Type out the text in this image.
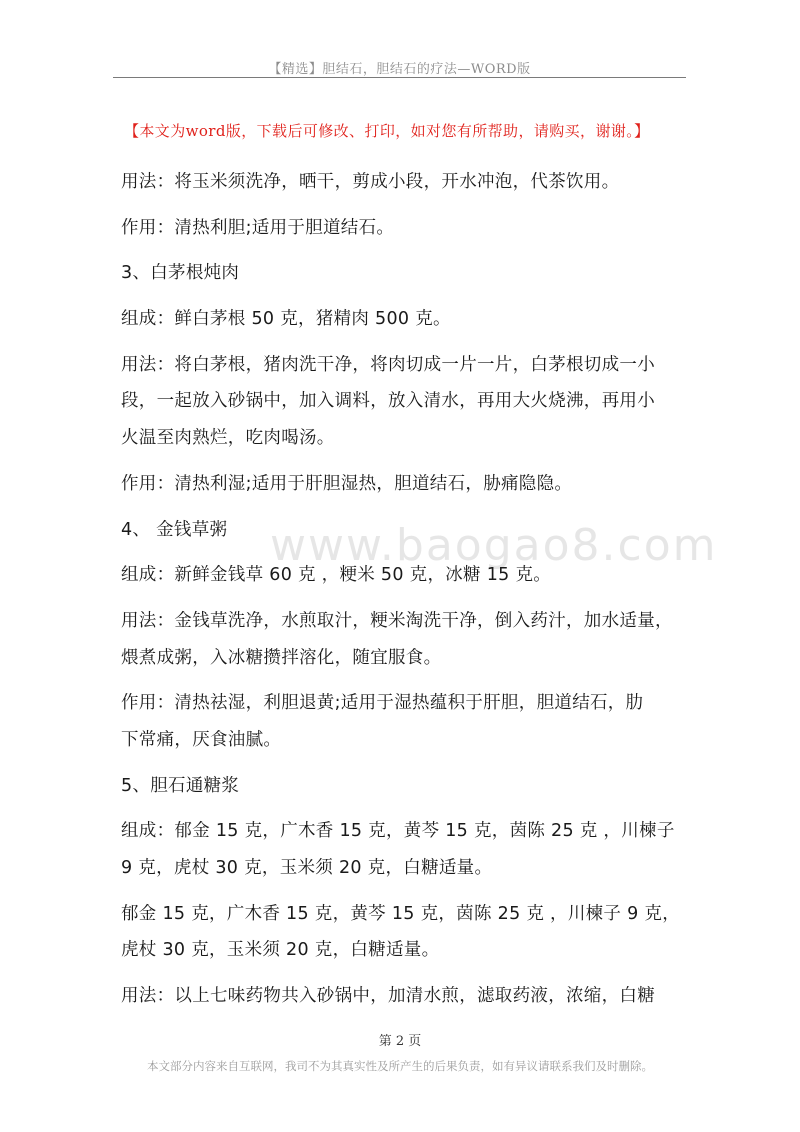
【精选】胆结石，胆结石的疗法—WORD版
【本文为word版，下载后可修改、打印，如对您有所帮助，请购买，谢谢。】
www.baogao8.com
用法：将玉米须洗净，晒干，剪成小段，开水冲泡，代茶饮用。
作用：清热利胆;适用于胆道结石。
3、白茅根炖肉
组成：鲜白茅根 50 克，猪精肉 500 克。
用法：将白茅根，猪肉洗干净，将肉切成一片一片，白茅根切成一小
段，一起放入砂锅中，加入调料，放入清水，再用大火烧沸，再用小
火温至肉熟烂，吃肉喝汤。
作用：清热利湿;适用于肝胆湿热，胆道结石，胁痛隐隐。
4、 金钱草粥
组成：新鲜金钱草 60 克 ，粳米 50 克，冰糖 15 克。
用法：金钱草洗净，水煎取汁，粳米淘洗干净，倒入药汁，加水适量，
煨煮成粥，入冰糖攒拌溶化，随宜服食。
作用：清热祛湿，利胆退黄;适用于湿热蕴积于肝胆，胆道结石，肋
下常痛，厌食油腻。
5、胆石通糖浆
组成：郁金 15 克，广木香 15 克，黄芩 15 克，茵陈 25 克 ，川楝子
9 克，虎杖 30 克，玉米须 20 克，白糖适量。
郁金 15 克，广木香 15 克，黄芩 15 克，茵陈 25 克 ，川楝子 9 克，
虎杖 30 克，玉米须 20 克，白糖适量。
用法：以上七味药物共入砂锅中，加清水煎，滤取药液，浓缩，白糖
第 2 页
本文部分内容来自互联网，我司不为其真实性及所产生的后果负责，如有异议请联系我们及时删除。
